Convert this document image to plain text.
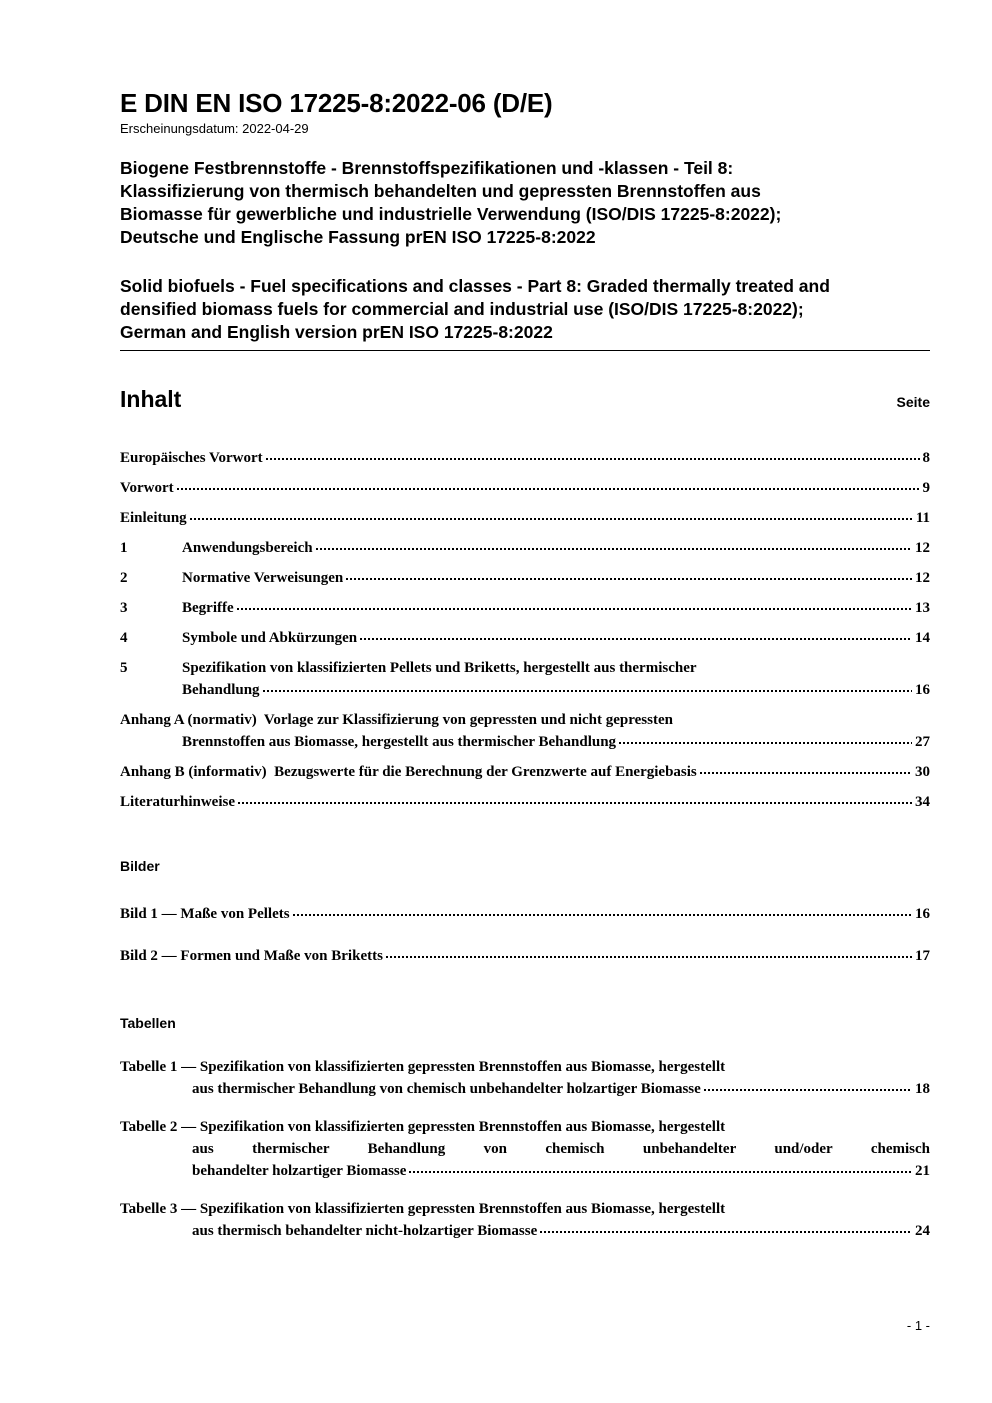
E DIN EN ISO 17225-8:2022-06 (D/E)
Erscheinungsdatum: 2022-04-29
Biogene Festbrennstoffe - Brennstoffspezifikationen und -klassen - Teil 8:
Klassifizierung von thermisch behandelten und gepressten Brennstoffen aus
Biomasse für gewerbliche und industrielle Verwendung (ISO/DIS 17225-8:2022);
Deutsche und Englische Fassung prEN ISO 17225-8:2022
Solid biofuels - Fuel specifications and classes - Part 8: Graded thermally treated and
densified biomass fuels for commercial and industrial use (ISO/DIS 17225-8:2022);
German and English version prEN ISO 17225-8:2022
Inhalt	Seite
Europäisches Vorwort	8
Vorwort	9
Einleitung	11
1	Anwendungsbereich	12
2	Normative Verweisungen	12
3	Begriffe	13
4	Symbole und Abkürzungen	14
5	Spezifikation von klassifizierten Pellets und Briketts, hergestellt aus thermischer
Behandlung	16
Anhang A (normativ)  Vorlage zur Klassifizierung von gepressten und nicht gepressten
Brennstoffen aus Biomasse, hergestellt aus thermischer Behandlung	27
Anhang B (informativ)  Bezugswerte für die Berechnung der Grenzwerte auf Energiebasis	30
Literaturhinweise	34
Bilder
Bild 1 — Maße von Pellets	16
Bild 2 — Formen und Maße von Briketts	17
Tabellen
Tabelle 1 — Spezifikation von klassifizierten gepressten Brennstoffen aus Biomasse, hergestellt
aus thermischer Behandlung von chemisch unbehandelter holzartiger Biomasse	18
Tabelle 2 — Spezifikation von klassifizierten gepressten Brennstoffen aus Biomasse, hergestellt
aus thermischer Behandlung von chemisch unbehandelter und/oder chemisch
behandelter holzartiger Biomasse	21
Tabelle 3 — Spezifikation von klassifizierten gepressten Brennstoffen aus Biomasse, hergestellt
aus thermisch behandelter nicht-holzartiger Biomasse	24
- 1 -
